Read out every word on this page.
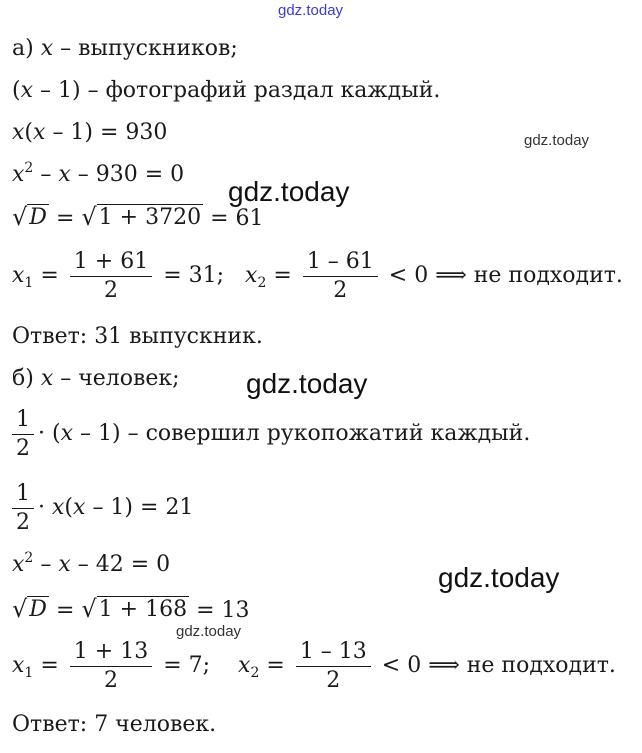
gdz.today
gdz.today
gdz.today
gdz.today
gdz.today
gdz.today
а) x – выпускников;
(x – 1) – фотографий раздал каждый.
x(x – 1) = 930
$x^2 - x - 930 = 0$
√ D = √ 1 + 3720 = 61
$x_1 = \frac{1 + 61}{2} = 31$; $x_2 = \frac{1 - 61}{2} < 0$ ⟹ не подходит.
Ответ: 31 выпускник.
б) x – человек;
$\frac{1}{2} \cdot (x - 1)$ – совершил рукопожатий каждый.
$\frac{1}{2} \cdot x(x - 1) = 21$
$x^2 - x - 42 = 0$
√ D = √ 1 + 168 = 13
$x_1 = \frac{1 + 13}{2} = 7$; $x_2 = \frac{1 - 13}{2} < 0$ ⟹ не подходит.
Ответ: 7 человек.
